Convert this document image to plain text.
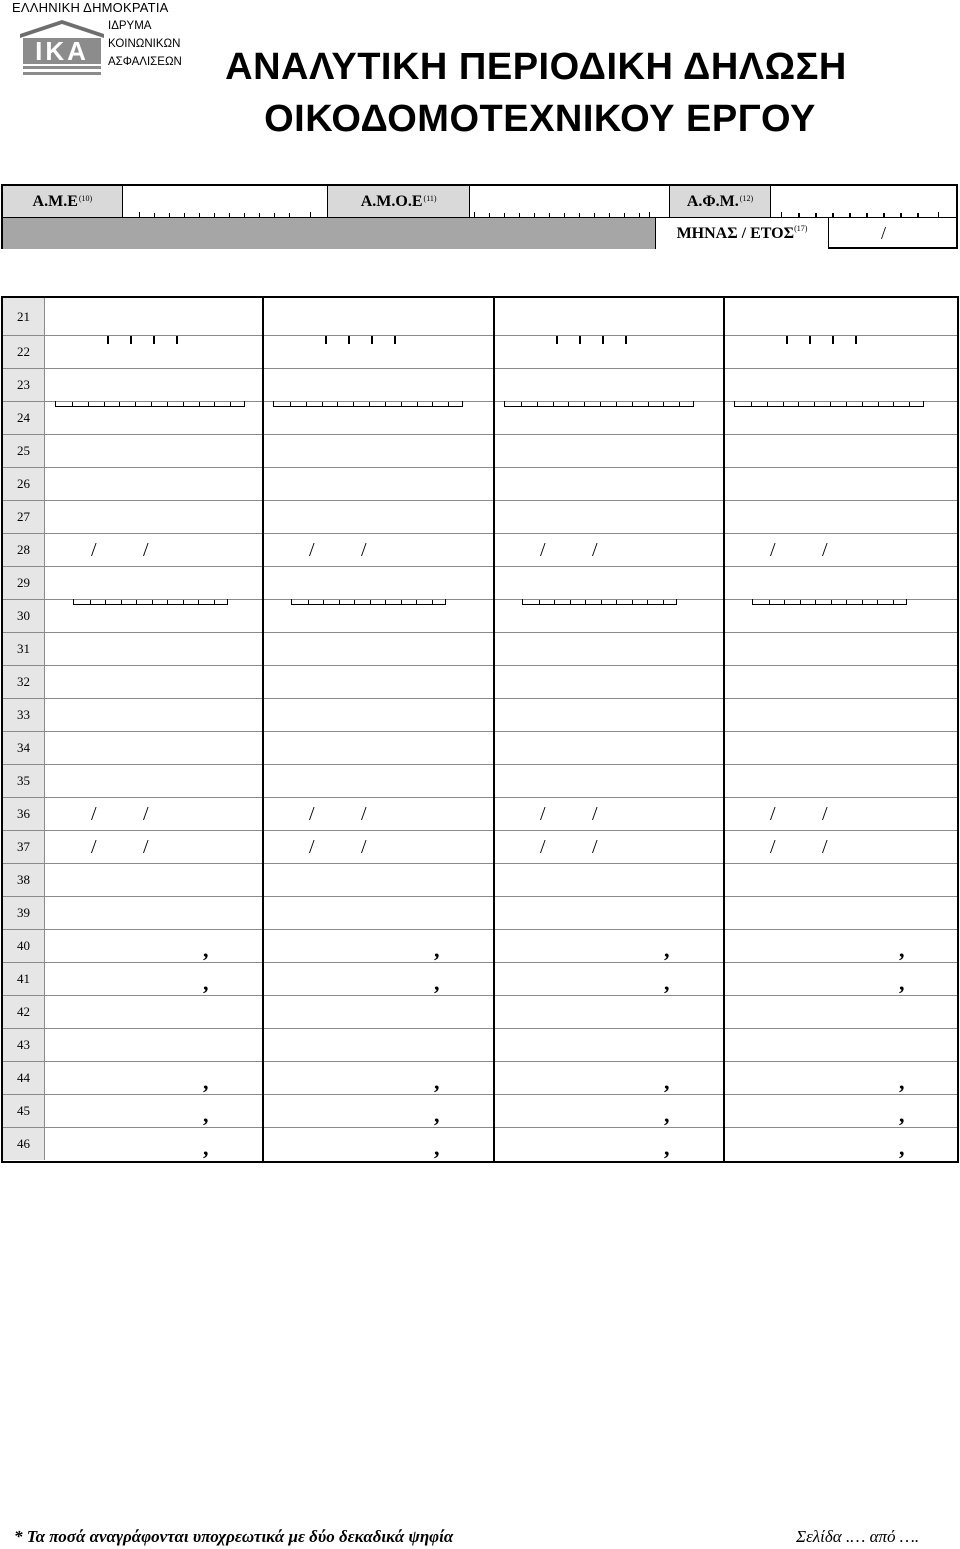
ΕΛΛΗΝΙΚΗ ΔΗΜΟΚΡΑΤΙΑ
ΙΚΑ
ΙΔΡΥΜΑ
ΚΟΙΝΩΝΙΚΩΝ
ΑΣΦΑΛΙΣΕΩΝ	ΑΝΑΛΥΤΙΚΗ ΠΕΡΙΟΔΙΚΗ ΔΗΛΩΣΗ
ΟΙΚΟΔΟΜΟΤΕΧΝΙΚΟΥ ΕΡΓΟΥ
$A.M.E^{(10)}$	$A.M.O.E^{(11)}$	Α.Φ.Μ.$^{(12)}$
ΜΗΝΑΣ / ΕΤΟΣ$^{(17)}$	/
21
22
23
24
25
26
27
28	/ /	/ /	/ /	/ /
29
30
31
32
33
34
35
36	/ /	/ /	/ /	/ /
37	/ /	/ /	/ /	/ /
38
39
40	,	,	,	,
41	,	,	,	,
42
43
44	,	,	,	,
45	,	,	,	,
46	,	,	,	,
* Τα ποσά αναγράφονται υποχρεωτικά με δύο δεκαδικά ψηφία	Σελίδα .… από ….
